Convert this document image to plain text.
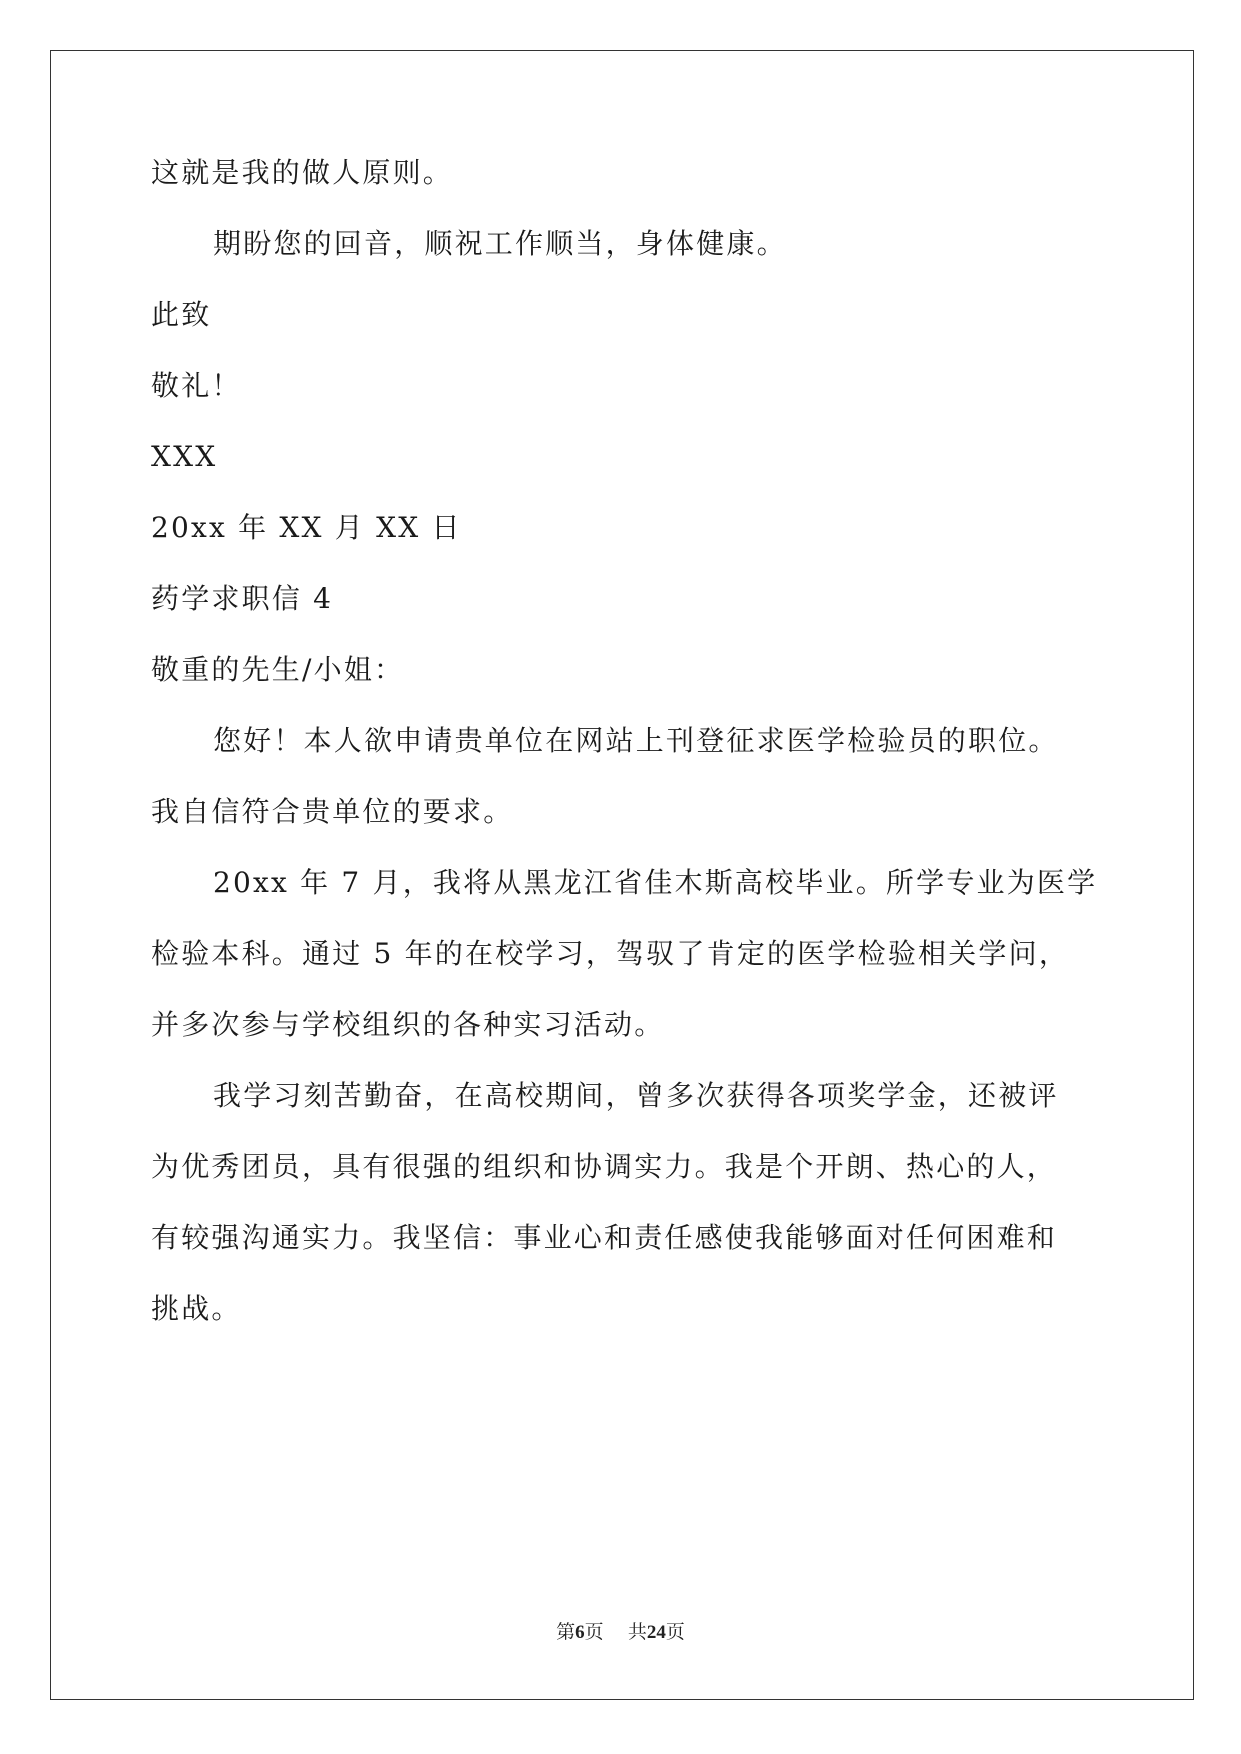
这就是我的做人原则。
期盼您的回音，顺祝工作顺当，身体健康。
此致
敬礼！
XXX
20xx 年 XX 月 XX 日
药学求职信 4
敬重的先生/小姐：
您好！本人欲申请贵单位在网站上刊登征求医学检验员的职位。
我自信符合贵单位的要求。
20xx 年 7 月，我将从黑龙江省佳木斯高校毕业。所学专业为医学
检验本科。通过 5 年的在校学习，驾驭了肯定的医学检验相关学问，
并多次参与学校组织的各种实习活动。
我学习刻苦勤奋，在高校期间，曾多次获得各项奖学金，还被评
为优秀团员，具有很强的组织和协调实力。我是个开朗、热心的人，
有较强沟通实力。我坚信：事业心和责任感使我能够面对任何困难和
挑战。
第6页 共24页
